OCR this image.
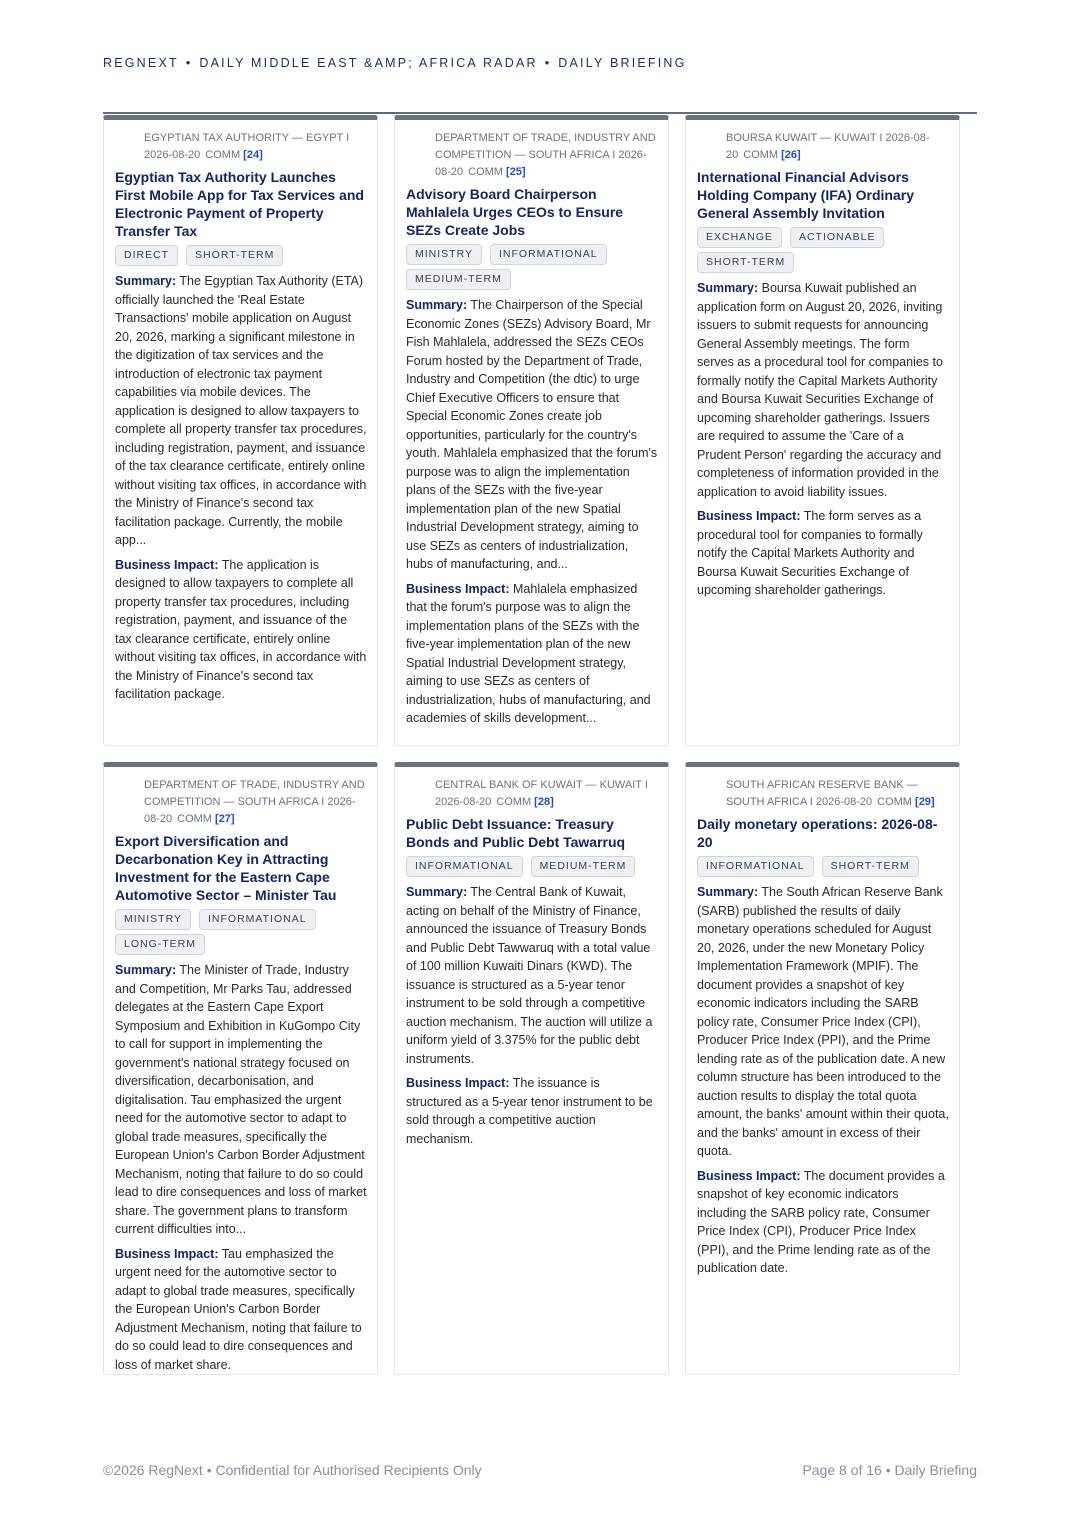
REGNEXT • DAILY MIDDLE EAST &AMP; AFRICA RADAR • DAILY BRIEFING
EGYPTIAN TAX AUTHORITY — EGYPT I 2026-08-20 COMM [24]
Egyptian Tax Authority Launches First Mobile App for Tax Services and Electronic Payment of Property Transfer Tax
DIRECT	SHORT-TERM
Summary: The Egyptian Tax Authority (ETA) officially launched the 'Real Estate Transactions' mobile application on August 20, 2026, marking a significant milestone in the digitization of tax services and the introduction of electronic tax payment capabilities via mobile devices. The application is designed to allow taxpayers to complete all property transfer tax procedures, including registration, payment, and issuance of the tax clearance certificate, entirely online without visiting tax offices, in accordance with the Ministry of Finance's second tax facilitation package. Currently, the mobile app...
Business Impact: The application is designed to allow taxpayers to complete all property transfer tax procedures, including registration, payment, and issuance of the tax clearance certificate, entirely online without visiting tax offices, in accordance with the Ministry of Finance's second tax facilitation package.
DEPARTMENT OF TRADE, INDUSTRY AND COMPETITION — SOUTH AFRICA I 2026-08-20 COMM [25]
Advisory Board Chairperson Mahlalela Urges CEOs to Ensure SEZs Create Jobs
MINISTRY	INFORMATIONAL
MEDIUM-TERM
Summary: The Chairperson of the Special Economic Zones (SEZs) Advisory Board, Mr Fish Mahlalela, addressed the SEZs CEOs Forum hosted by the Department of Trade, Industry and Competition (the dtic) to urge Chief Executive Officers to ensure that Special Economic Zones create job opportunities, particularly for the country's youth. Mahlalela emphasized that the forum's purpose was to align the implementation plans of the SEZs with the five-year implementation plan of the new Spatial Industrial Development strategy, aiming to use SEZs as centers of industrialization, hubs of manufacturing, and...
Business Impact: Mahlalela emphasized that the forum's purpose was to align the implementation plans of the SEZs with the five-year implementation plan of the new Spatial Industrial Development strategy, aiming to use SEZs as centers of industrialization, hubs of manufacturing, and academies of skills development...
BOURSA KUWAIT — KUWAIT I 2026-08-20 COMM [26]
International Financial Advisors Holding Company (IFA) Ordinary General Assembly Invitation
EXCHANGE	ACTIONABLE
SHORT-TERM
Summary: Boursa Kuwait published an application form on August 20, 2026, inviting issuers to submit requests for announcing General Assembly meetings. The form serves as a procedural tool for companies to formally notify the Capital Markets Authority and Boursa Kuwait Securities Exchange of upcoming shareholder gatherings. Issuers are required to assume the 'Care of a Prudent Person' regarding the accuracy and completeness of information provided in the application to avoid liability issues.
Business Impact: The form serves as a procedural tool for companies to formally notify the Capital Markets Authority and Boursa Kuwait Securities Exchange of upcoming shareholder gatherings.
DEPARTMENT OF TRADE, INDUSTRY AND COMPETITION — SOUTH AFRICA I 2026-08-20 COMM [27]
Export Diversification and Decarbonation Key in Attracting Investment for the Eastern Cape Automotive Sector – Minister Tau
MINISTRY	INFORMATIONAL
LONG-TERM
Summary: The Minister of Trade, Industry and Competition, Mr Parks Tau, addressed delegates at the Eastern Cape Export Symposium and Exhibition in KuGompo City to call for support in implementing the government's national strategy focused on diversification, decarbonisation, and digitalisation. Tau emphasized the urgent need for the automotive sector to adapt to global trade measures, specifically the European Union's Carbon Border Adjustment Mechanism, noting that failure to do so could lead to dire consequences and loss of market share. The government plans to transform current difficulties into...
Business Impact: Tau emphasized the urgent need for the automotive sector to adapt to global trade measures, specifically the European Union's Carbon Border Adjustment Mechanism, noting that failure to do so could lead to dire consequences and loss of market share.
CENTRAL BANK OF KUWAIT — KUWAIT I 2026-08-20 COMM [28]
Public Debt Issuance: Treasury Bonds and Public Debt Tawarruq
INFORMATIONAL	MEDIUM-TERM
Summary: The Central Bank of Kuwait, acting on behalf of the Ministry of Finance, announced the issuance of Treasury Bonds and Public Debt Tawwaruq with a total value of 100 million Kuwaiti Dinars (KWD). The issuance is structured as a 5-year tenor instrument to be sold through a competitive auction mechanism. The auction will utilize a uniform yield of 3.375% for the public debt instruments.
Business Impact: The issuance is structured as a 5-year tenor instrument to be sold through a competitive auction mechanism.
SOUTH AFRICAN RESERVE BANK — SOUTH AFRICA I 2026-08-20 COMM [29]
Daily monetary operations: 2026-08-20
INFORMATIONAL	SHORT-TERM
Summary: The South African Reserve Bank (SARB) published the results of daily monetary operations scheduled for August 20, 2026, under the new Monetary Policy Implementation Framework (MPIF). The document provides a snapshot of key economic indicators including the SARB policy rate, Consumer Price Index (CPI), Producer Price Index (PPI), and the Prime lending rate as of the publication date. A new column structure has been introduced to the auction results to display the total quota amount, the banks' amount within their quota, and the banks' amount in excess of their quota.
Business Impact: The document provides a snapshot of key economic indicators including the SARB policy rate, Consumer Price Index (CPI), Producer Price Index (PPI), and the Prime lending rate as of the publication date.
©2026 RegNext • Confidential for Authorised Recipients Only	Page 8 of 16 • Daily Briefing
